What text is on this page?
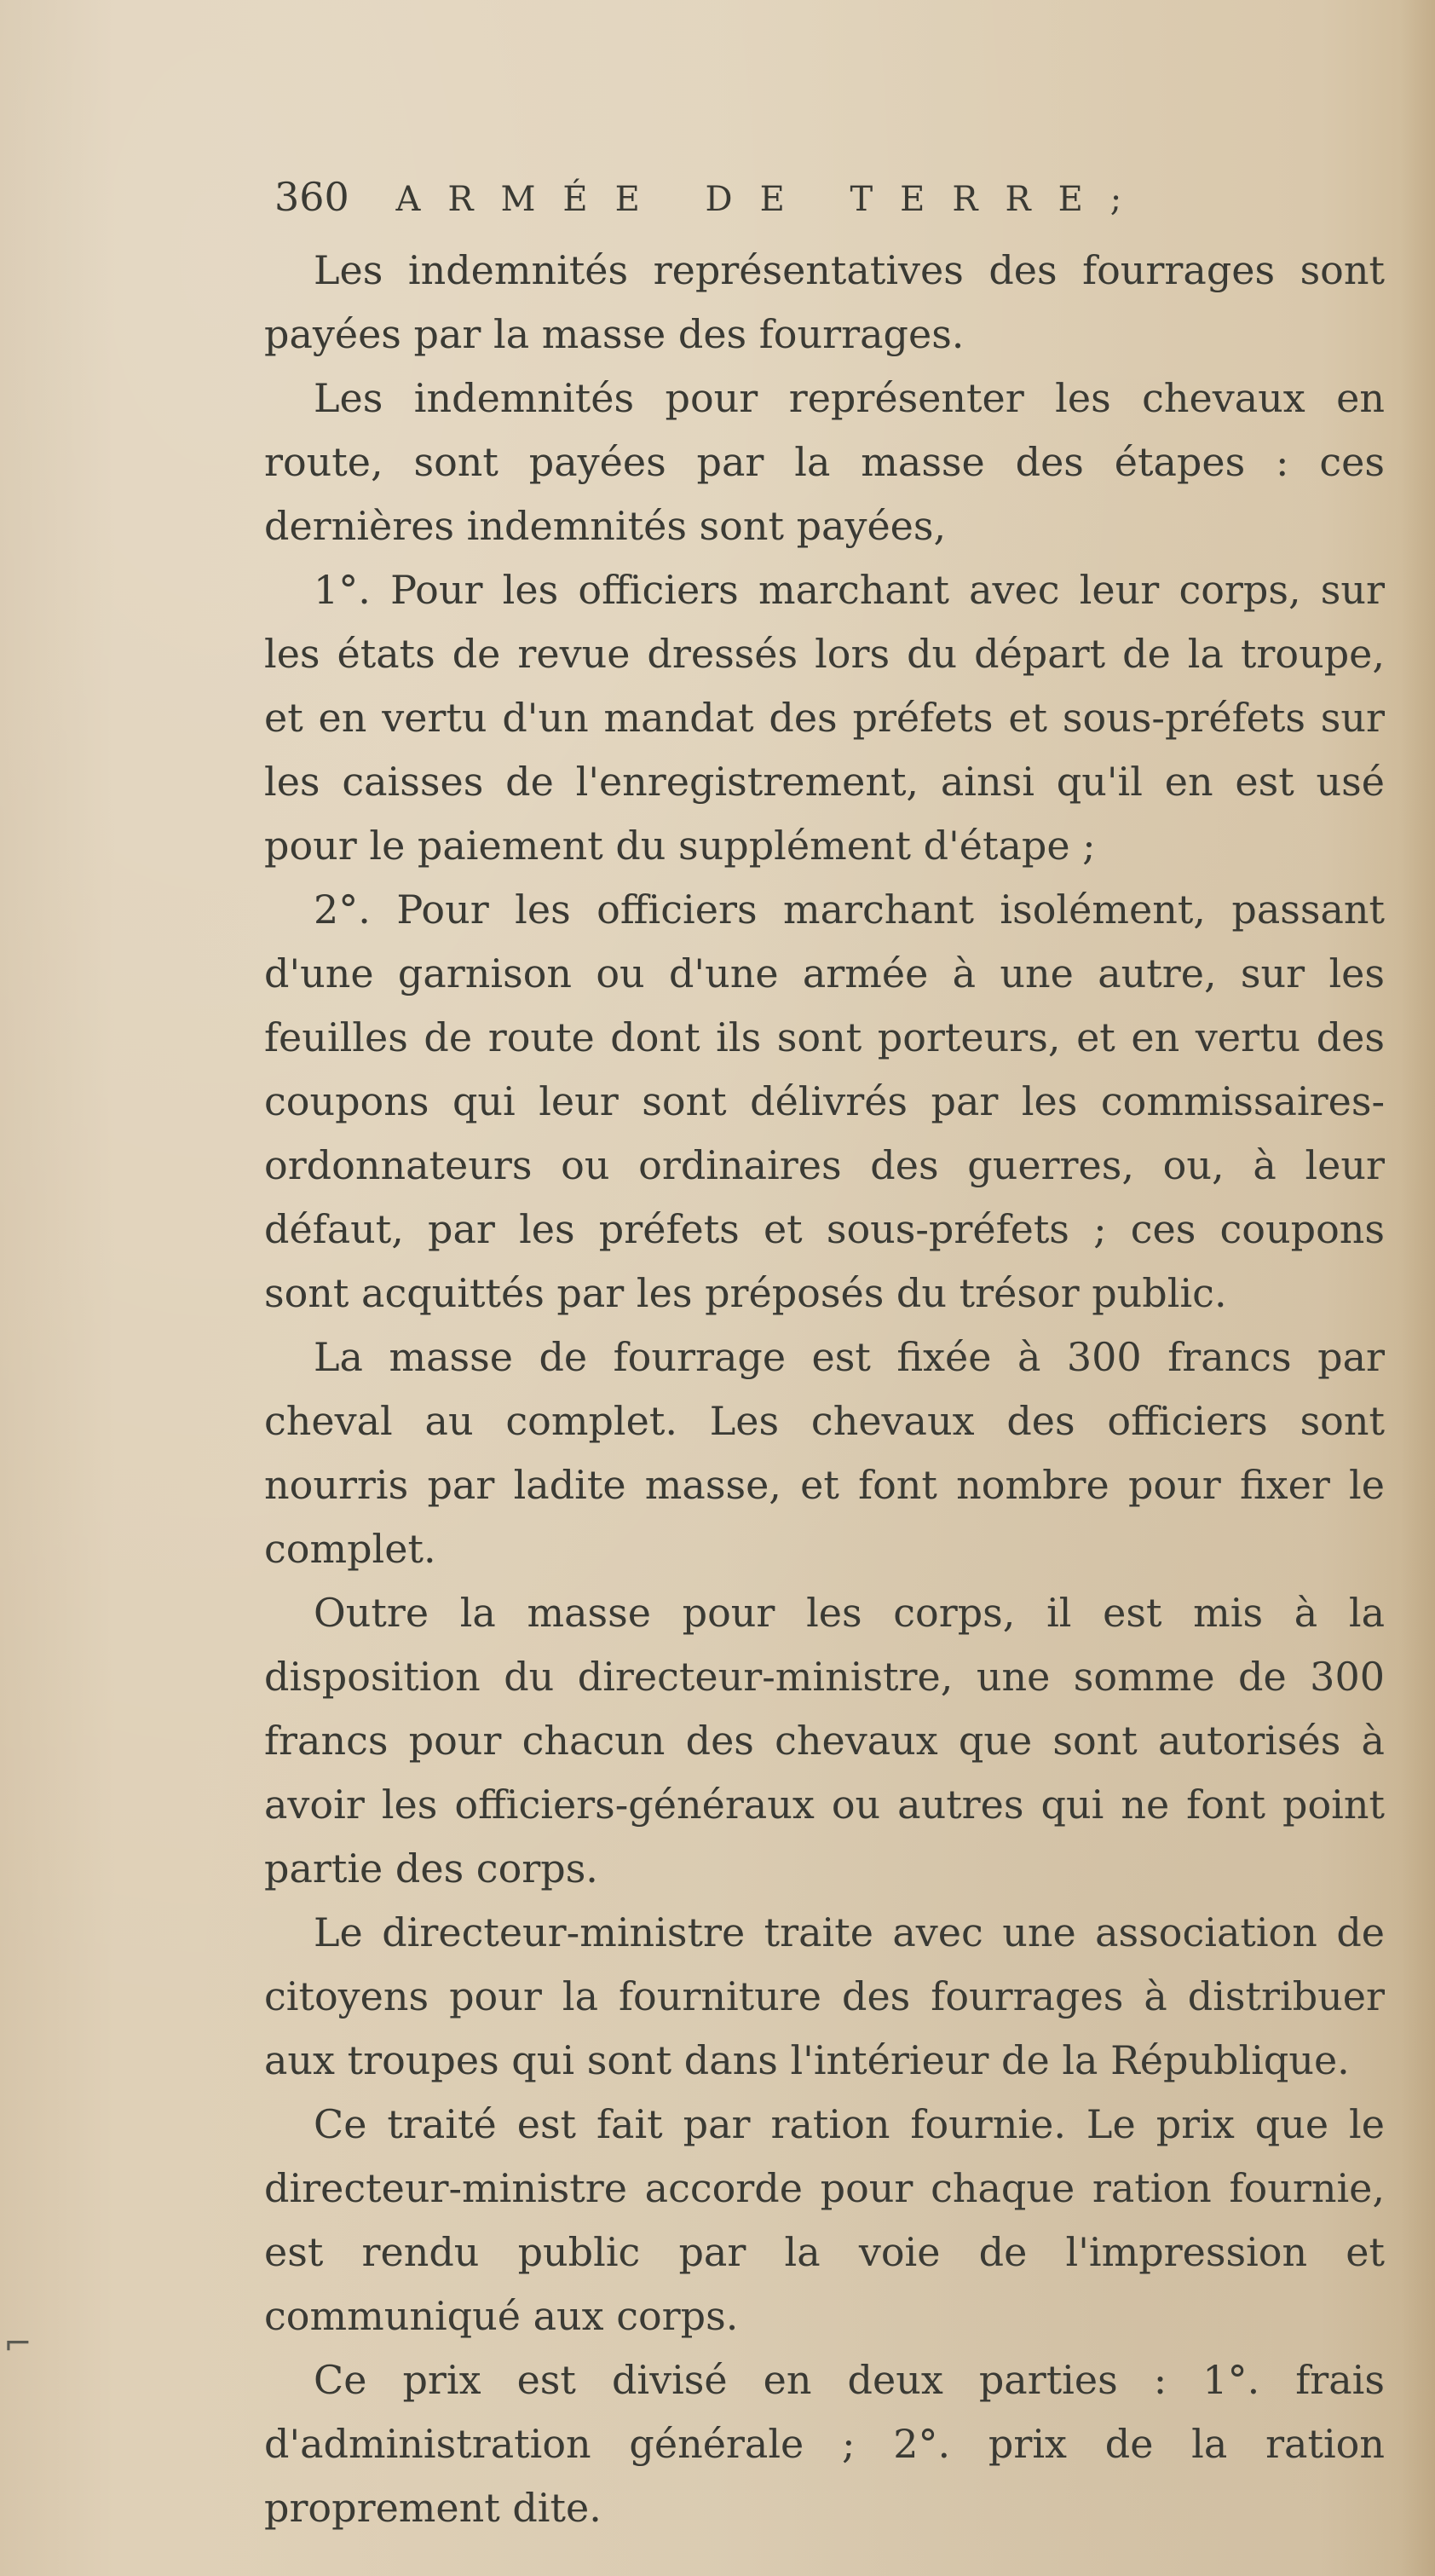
360 ARMÉE DE TERRE;

Les indemnités représentatives des fourrages sont payées par la masse des fourrages.

Les indemnités pour représenter les chevaux en route, sont payées par la masse des étapes : ces dernières indemnités sont payées,

1°. Pour les officiers marchant avec leur corps, sur les états de revue dressés lors du départ de la troupe, et en vertu d'un mandat des préfets et sous-préfets sur les caisses de l'enregistrement, ainsi qu'il en est usé pour le paiement du supplément d'étape ;

2°. Pour les officiers marchant isolément, passant d'une garnison ou d'une armée à une autre, sur les feuilles de route dont ils sont porteurs, et en vertu des coupons qui leur sont délivrés par les commissaires-ordonnateurs ou ordinaires des guerres, ou, à leur défaut, par les préfets et sous-préfets ; ces coupons sont acquittés par les préposés du trésor public.

La masse de fourrage est fixée à 300 francs par cheval au complet. Les chevaux des officiers sont nourris par ladite masse, et font nombre pour fixer le complet.

Outre la masse pour les corps, il est mis à la disposition du directeur-ministre, une somme de 300 francs pour chacun des chevaux que sont autorisés à avoir les officiers-généraux ou autres qui ne font point partie des corps.

Le directeur-ministre traite avec une association de citoyens pour la fourniture des fourrages à distribuer aux troupes qui sont dans l'intérieur de la République.

Ce traité est fait par ration fournie. Le prix que le directeur-ministre accorde pour chaque ration fournie, est rendu public par la voie de l'impression et communiqué aux corps.

Ce prix est divisé en deux parties : 1°. frais d'administration générale ; 2°. prix de la ration proprement dite.

⌐
